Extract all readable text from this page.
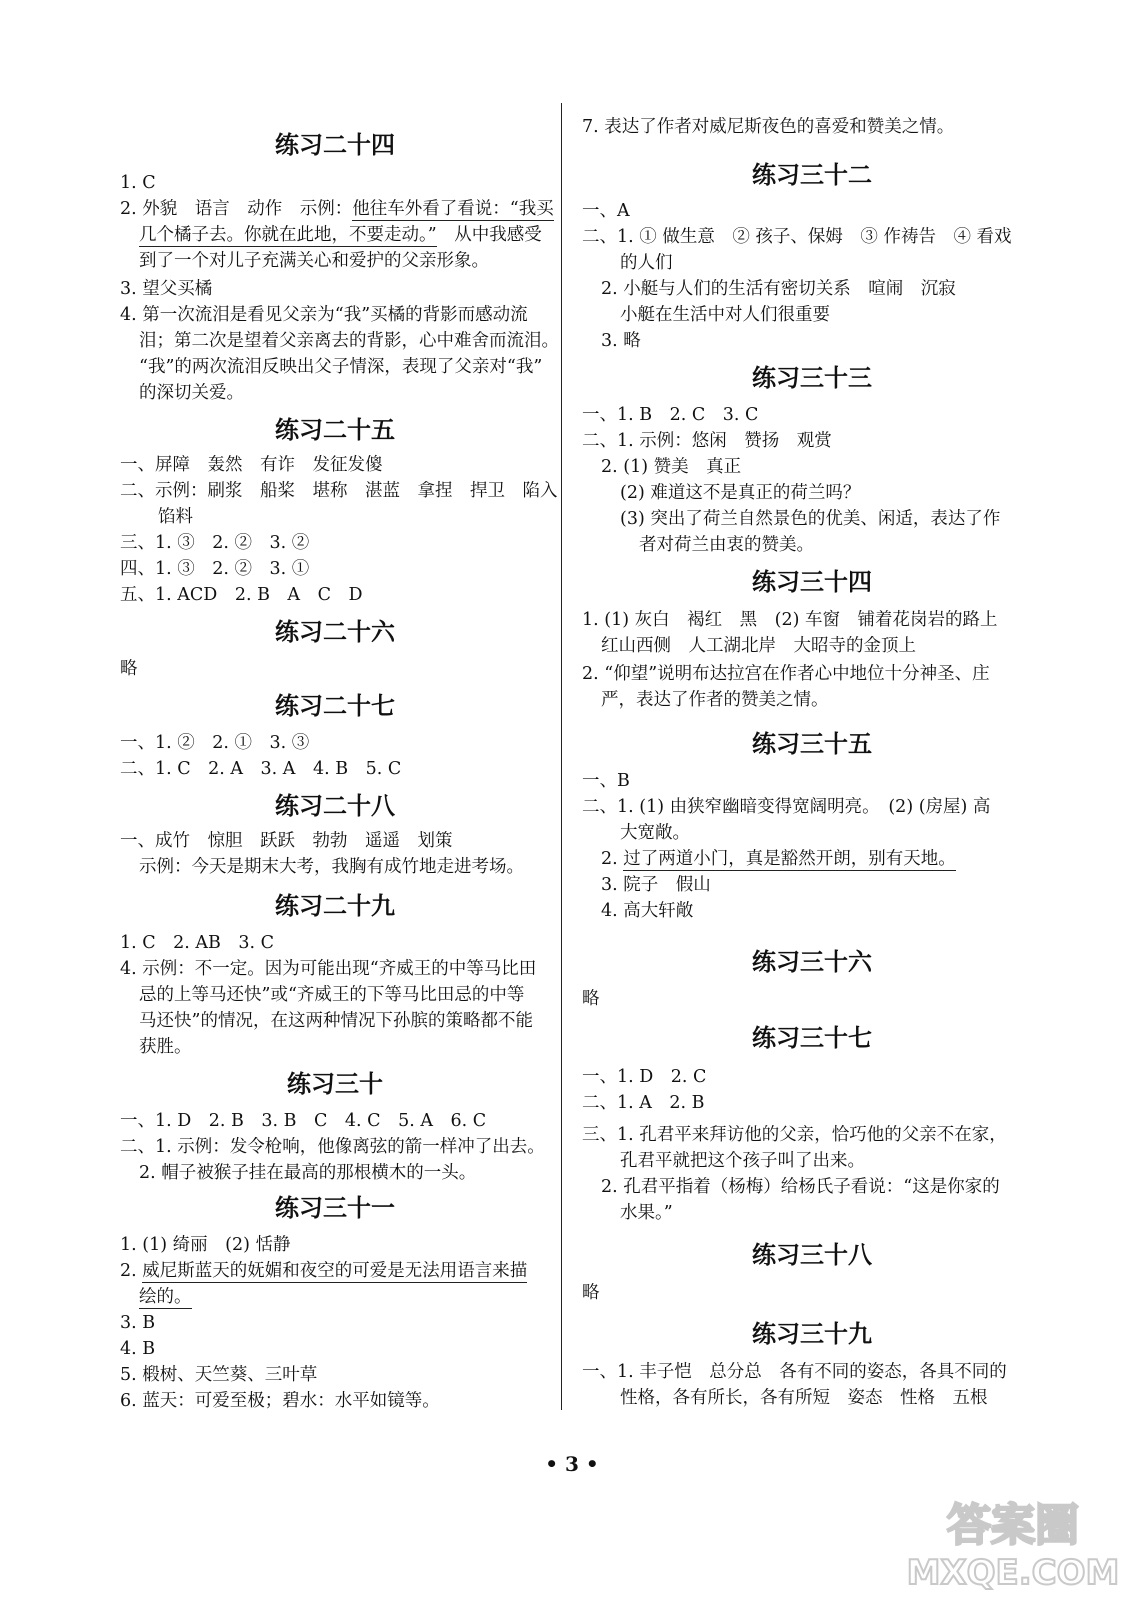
练习二十四
1. C
2. 外貌　语言　动作　示例：他往车外看了看说：“我买
几个橘子去。你就在此地，不要走动。”　从中我感受
到了一个对儿子充满关心和爱护的父亲形象。
3. 望父买橘
4. 第一次流泪是看见父亲为“我”买橘的背影而感动流
泪；第二次是望着父亲离去的背影，心中难舍而流泪。
“我”的两次流泪反映出父子情深，表现了父亲对“我”
的深切关爱。
练习二十五
一、屏障　轰然　有诈　发征发傻
二、示例：刷浆　船桨　堪称　湛蓝　拿捏　捍卫　陷入
馅料
三、1. ③　2. ②　3. ②
四、1. ③　2. ②　3. ①
五、1. ACD　2. B　A　C　D
练习二十六
略
练习二十七
一、1. ②　2. ①　3. ③
二、1. C　2. A　3. A　4. B　5. C
练习二十八
一、成竹　惊胆　跃跃　勃勃　遥遥　划策
示例：今天是期末大考，我胸有成竹地走进考场。
练习二十九
1. C　2. AB　3. C
4. 示例：不一定。因为可能出现“齐威王的中等马比田
忌的上等马还快”或“齐威王的下等马比田忌的中等
马还快”的情况，在这两种情况下孙膑的策略都不能
获胜。
练习三十
一、1. D　2. B　3. B　C　4. C　5. A　6. C
二、1. 示例：发令枪响，他像离弦的箭一样冲了出去。
2. 帽子被猴子挂在最高的那根横木的一头。
练习三十一
1. (1) 绮丽　(2) 恬静
2. 威尼斯蓝天的妩媚和夜空的可爱是无法用语言来描
绘的。
3. B
4. B
5. 椴树、天竺葵、三叶草
6. 蓝天：可爱至极；碧水：水平如镜等。
7. 表达了作者对威尼斯夜色的喜爱和赞美之情。
练习三十二
一、A
二、1. ① 做生意　② 孩子、保姆　③ 作祷告　④ 看戏
的人们
2. 小艇与人们的生活有密切关系　喧闹　沉寂
小艇在生活中对人们很重要
3. 略
练习三十三
一、1. B　2. C　3. C
二、1. 示例：悠闲　赞扬　观赏
2. (1) 赞美　真正
(2) 难道这不是真正的荷兰吗？
(3) 突出了荷兰自然景色的优美、闲适，表达了作
者对荷兰由衷的赞美。
练习三十四
1. (1) 灰白　褐红　黑　(2) 车窗　铺着花岗岩的路上
红山西侧　人工湖北岸　大昭寺的金顶上
2. “仰望”说明布达拉宫在作者心中地位十分神圣、庄
严，表达了作者的赞美之情。
练习三十五
一、B
二、1. (1) 由狭窄幽暗变得宽阔明亮。　(2) (房屋) 高
大宽敞。
2. 过了两道小门，真是豁然开朗，别有天地。
3. 院子　假山
4. 高大轩敞
练习三十六
略
练习三十七
一、1. D　2. C
二、1. A　2. B
三、1. 孔君平来拜访他的父亲，恰巧他的父亲不在家，
孔君平就把这个孩子叫了出来。
2. 孔君平指着（杨梅）给杨氏子看说：“这是你家的
水果。”
练习三十八
略
练习三十九
一、1. 丰子恺　总分总　各有不同的姿态，各具不同的
性格，各有所长，各有所短　姿态　性格　五根
• 3 •
答案圈
MXQE.COM
